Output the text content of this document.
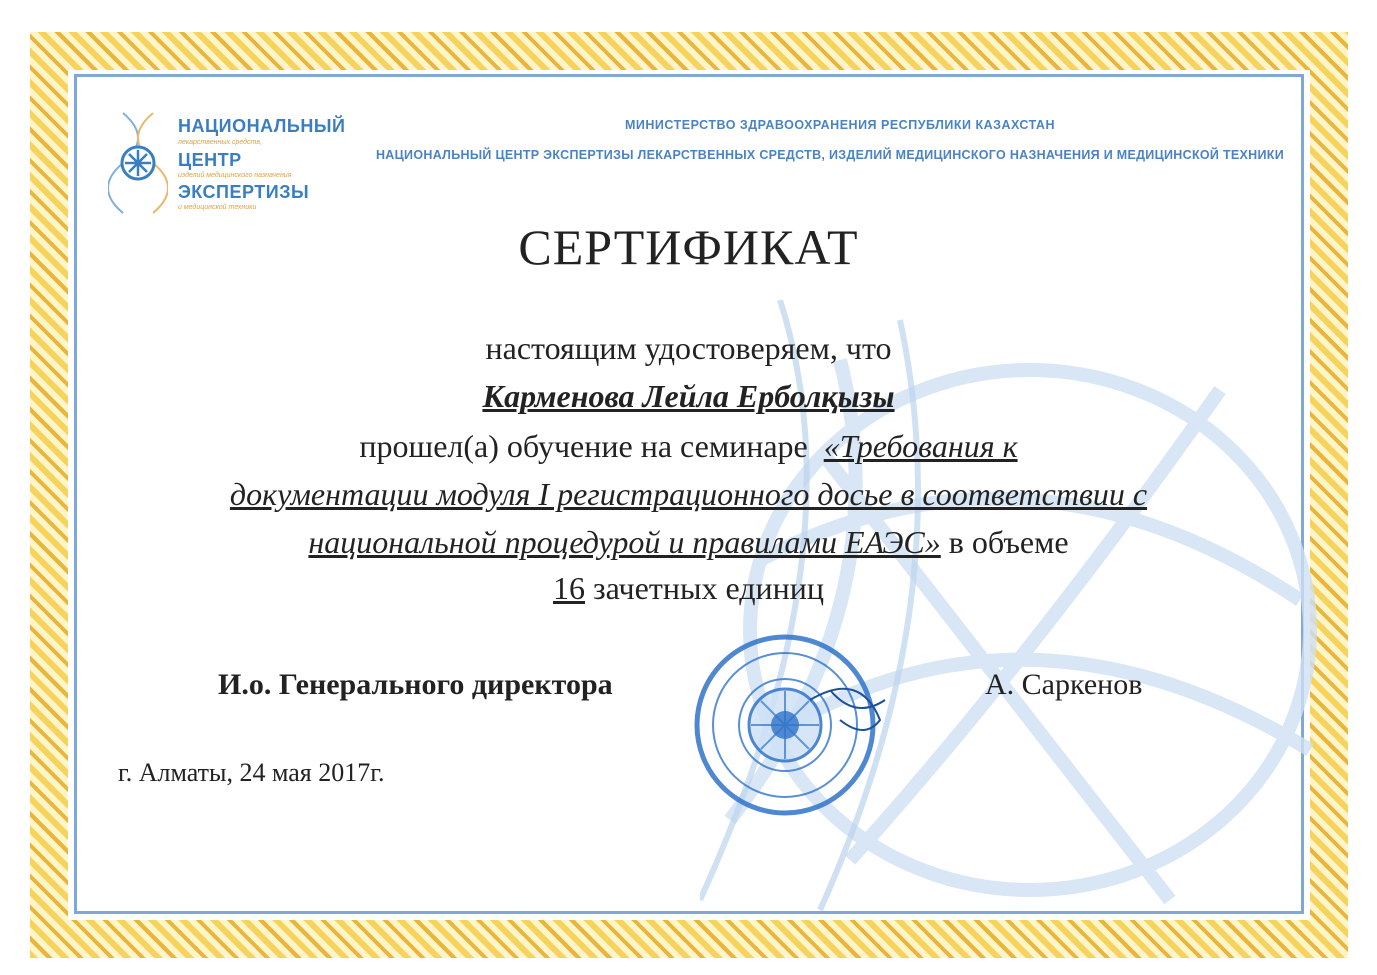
НАЦИОНАЛЬНЫЙ
лекарственных средств,
ЦЕНТР
изделий медицинского назначения
ЭКСПЕРТИЗЫ
и медицинской техники
МИНИСТЕРСТВО ЗДРАВООХРАНЕНИЯ РЕСПУБЛИКИ КАЗАХСТАН
НАЦИОНАЛЬНЫЙ ЦЕНТР ЭКСПЕРТИЗЫ ЛЕКАРСТВЕННЫХ СРЕДСТВ, ИЗДЕЛИЙ МЕДИЦИНСКОГО НАЗНАЧЕНИЯ И МЕДИЦИНСКОЙ ТЕХНИКИ
СЕРТИФИКАТ
настоящим удостоверяем, что
Карменова Лейла Ерболқызы
прошел(а) обучение на семинаре «Требования к
документации модуля I регистрационного досье в соответствии с
национальной процедурой и правилами ЕАЭС» в объеме
16 зачетных единиц
И.о. Генерального директора	А. Саркенов
г. Алматы, 24 мая 2017г.
